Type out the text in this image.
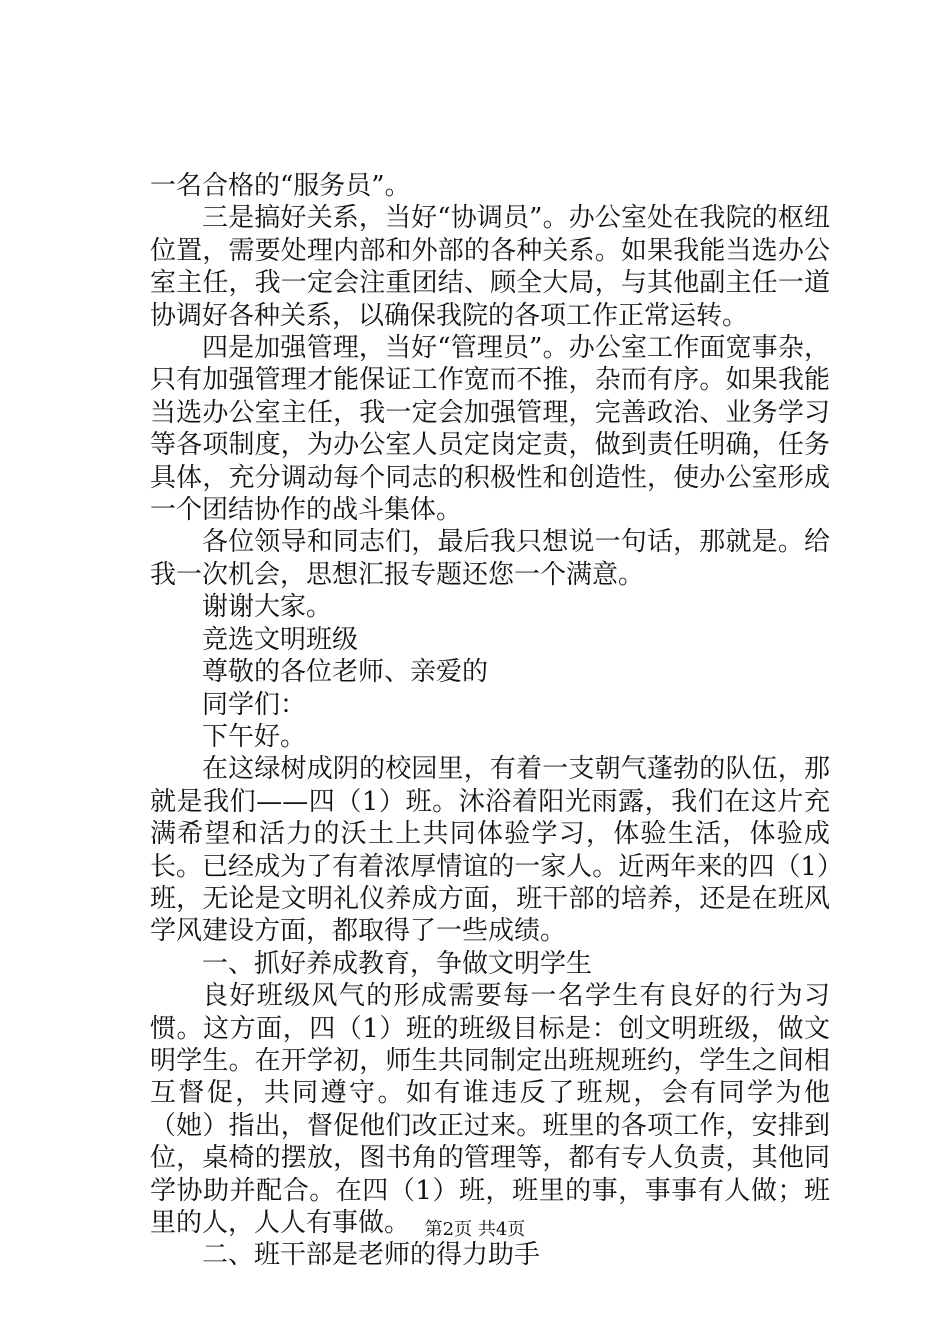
一名合格的“服务员”。

三是搞好关系，当好“协调员”。办公室处在我院的枢纽位置，需要处理内部和外部的各种关系。如果我能当选办公室主任，我一定会注重团结、顾全大局，与其他副主任一道协调好各种关系，以确保我院的各项工作正常运转。

四是加强管理，当好“管理员”。办公室工作面宽事杂，只有加强管理才能保证工作宽而不推，杂而有序。如果我能当选办公室主任，我一定会加强管理，完善政治、业务学习等各项制度，为办公室人员定岗定责，做到责任明确，任务具体，充分调动每个同志的积极性和创造性，使办公室形成一个团结协作的战斗集体。

各位领导和同志们，最后我只想说一句话，那就是。给我一次机会，思想汇报专题还您一个满意。

谢谢大家。

竞选文明班级

尊敬的各位老师、亲爱的

同学们：

下午好。

在这绿树成阴的校园里，有着一支朝气蓬勃的队伍，那就是我们——四（1）班。沐浴着阳光雨露，我们在这片充满希望和活力的沃土上共同体验学习，体验生活，体验成长。已经成为了有着浓厚情谊的一家人。近两年来的四（1）班，无论是文明礼仪养成方面，班干部的培养，还是在班风学风建设方面，都取得了一些成绩。

一、抓好养成教育，争做文明学生

良好班级风气的形成需要每一名学生有良好的行为习惯。这方面，四（1）班的班级目标是：创文明班级，做文明学生。在开学初，师生共同制定出班规班约，学生之间相互督促，共同遵守。如有谁违反了班规，会有同学为他（她）指出，督促他们改正过来。班里的各项工作，安排到位，桌椅的摆放，图书角的管理等，都有专人负责，其他同学协助并配合。在四（1）班，班里的事，事事有人做；班里的人，人人有事做。

二、班干部是老师的得力助手

第2页 共4页
